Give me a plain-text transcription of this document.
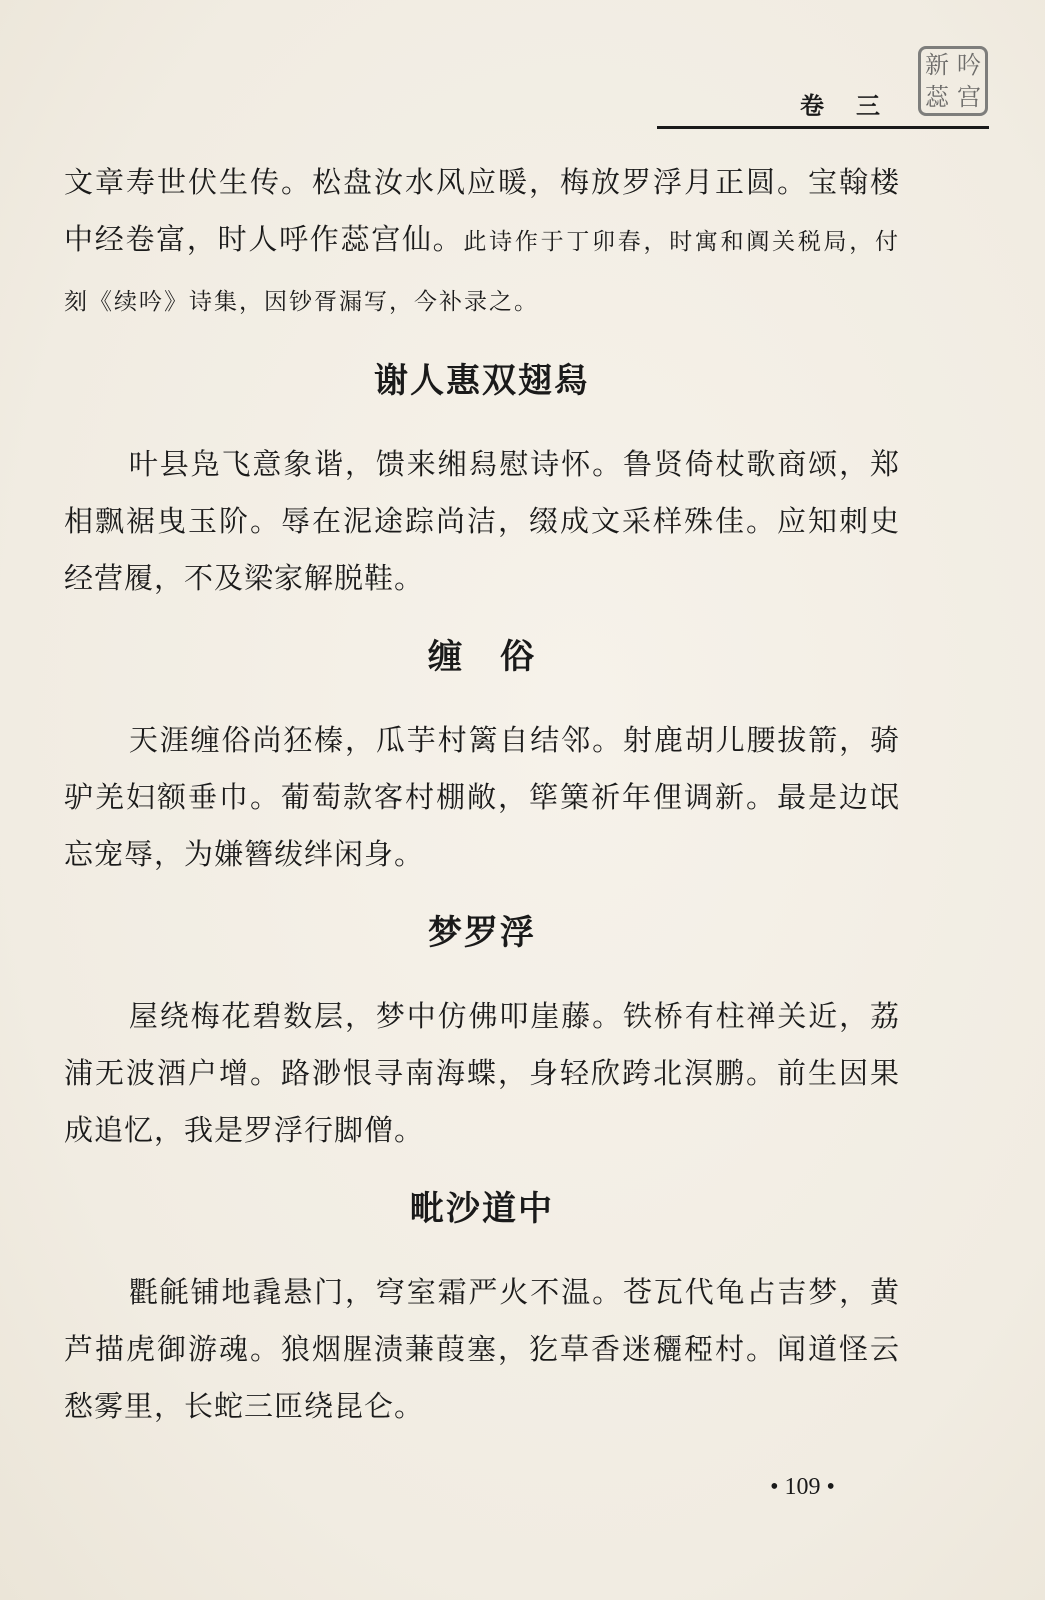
新 吟
蕊 宫
卷 三

文章寿世伏生传。松盘汝水风应暖，梅放罗浮月正圆。宝翰楼中经卷富，时人呼作蕊宫仙。此诗作于丁卯春，时寓和阗关税局，付刻《续吟》诗集，因钞胥漏写，今补录之。

谢人惠双翅舄

叶县凫飞意象谐，馈来缃舄慰诗怀。鲁贤倚杖歌商颂，郑相飘裾曳玉阶。辱在泥途踪尚洁，缀成文采样殊佳。应知刺史经营履，不及梁家解脱鞋。

缠　俗

天涯缠俗尚狉榛，瓜芋村篱自结邻。射鹿胡儿腰拔箭，骑驴羌妇额垂巾。葡萄款客村棚敞，筚篥祈年俚调新。最是边氓忘宠辱，为嫌簪绂绊闲身。

梦罗浮

屋绕梅花碧数层，梦中仿佛叩崖藤。铁桥有柱禅关近，荔浦无波酒户增。路渺恨寻南海蝶，身轻欣跨北溟鹏。前生因果成追忆，我是罗浮行脚僧。

毗沙道中

氍毹铺地毳悬门，穹室霜严火不温。苍瓦代龟占吉梦，黄芦描虎御游魂。狼烟腥渍蒹葭塞，犵草香迷穲稏村。闻道怪云愁雾里，长蛇三匝绕昆仑。

• 109 •
